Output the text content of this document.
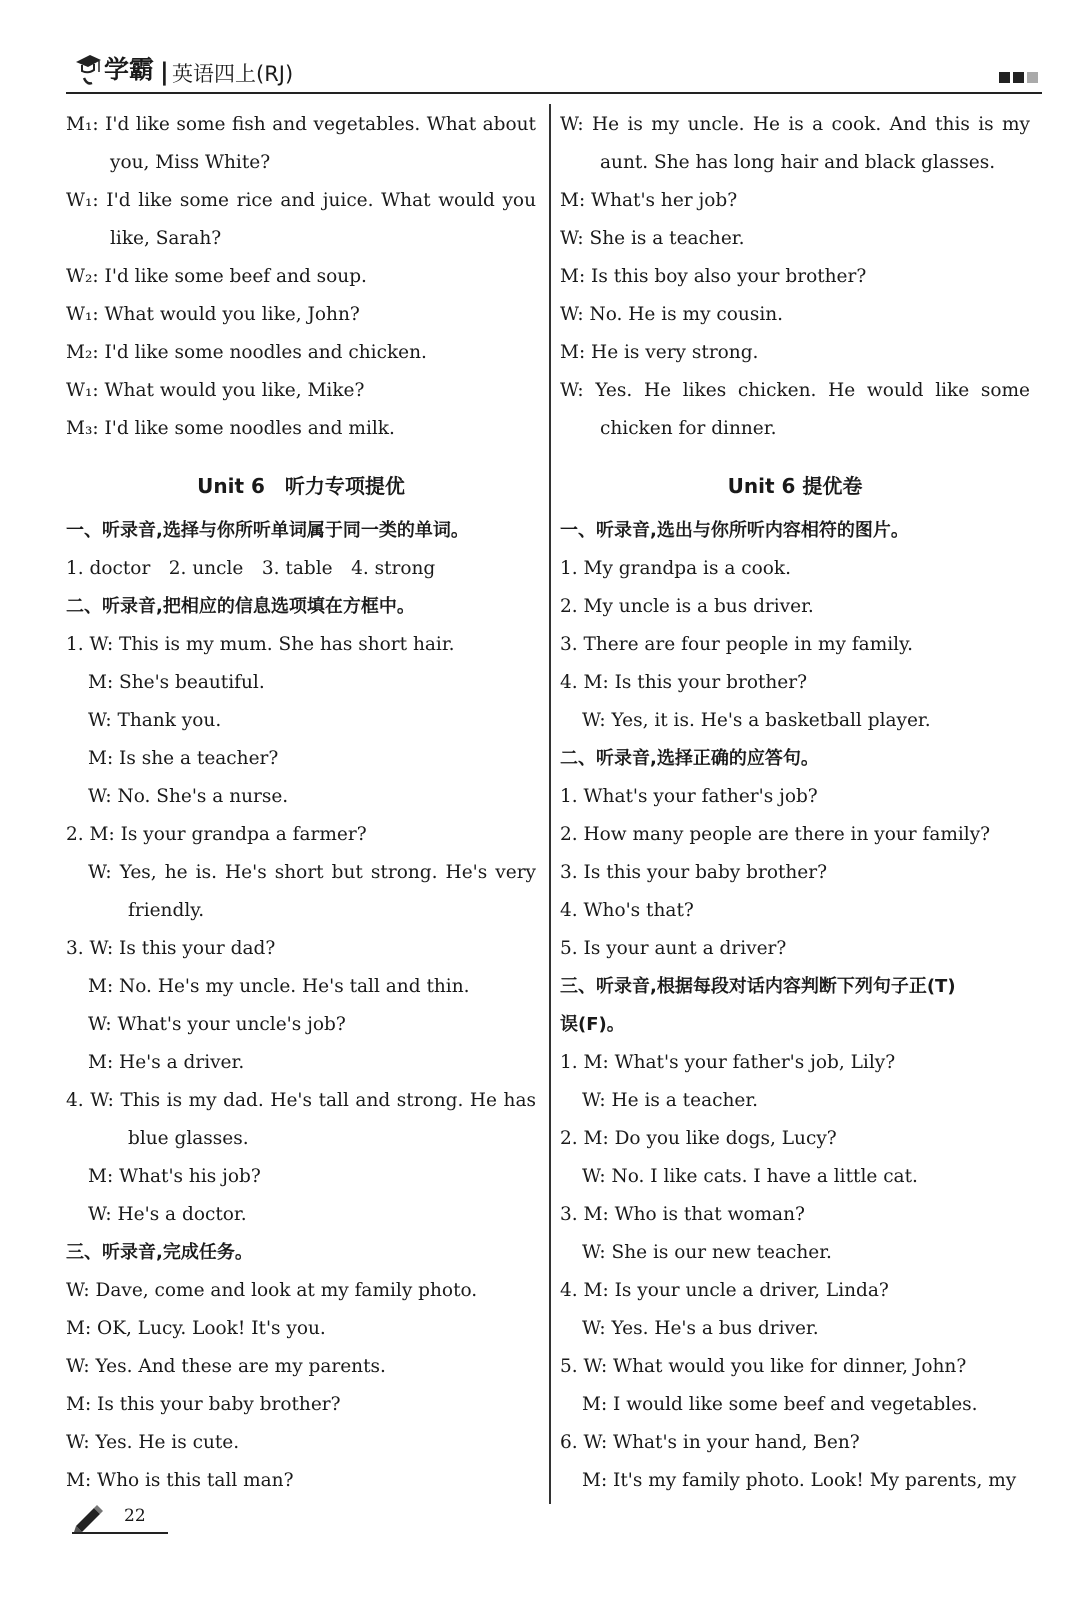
学霸 | 英语四上(RJ)
M₁: I'd like some fish and vegetables. What about
you, Miss White?
W₁: I'd like some rice and juice. What would you
like, Sarah?
W₂: I'd like some beef and soup.
W₁: What would you like, John?
M₂: I'd like some noodles and chicken.
W₁: What would you like, Mike?
M₃: I'd like some noodles and milk.
Unit 6　听力专项提优
一、听录音,选择与你所听单词属于同一类的单词。
1. doctor　2. uncle　3. table　4. strong
二、听录音,把相应的信息选项填在方框中。
1. W: This is my mum. She has short hair.
M: She's beautiful.
W: Thank you.
M: Is she a teacher?
W: No. She's a nurse.
2. M: Is your grandpa a farmer?
W: Yes, he is. He's short but strong. He's very
friendly.
3. W: Is this your dad?
M: No. He's my uncle. He's tall and thin.
W: What's your uncle's job?
M: He's a driver.
4. W: This is my dad. He's tall and strong. He has
blue glasses.
M: What's his job?
W: He's a doctor.
三、听录音,完成任务。
W: Dave, come and look at my family photo.
M: OK, Lucy. Look! It's you.
W: Yes. And these are my parents.
M: Is this your baby brother?
W: Yes. He is cute.
M: Who is this tall man?
W: He is my uncle. He is a cook. And this is my
aunt. She has long hair and black glasses.
M: What's her job?
W: She is a teacher.
M: Is this boy also your brother?
W: No. He is my cousin.
M: He is very strong.
W: Yes. He likes chicken. He would like some
chicken for dinner.
Unit 6 提优卷
一、听录音,选出与你所听内容相符的图片。
1. My grandpa is a cook.
2. My uncle is a bus driver.
3. There are four people in my family.
4. M: Is this your brother?
W: Yes, it is. He's a basketball player.
二、听录音,选择正确的应答句。
1. What's your father's job?
2. How many people are there in your family?
3. Is this your baby brother?
4. Who's that?
5. Is your aunt a driver?
三、听录音,根据每段对话内容判断下列句子正(T)
误(F)。
1. M: What's your father's job, Lily?
W: He is a teacher.
2. M: Do you like dogs, Lucy?
W: No. I like cats. I have a little cat.
3. M: Who is that woman?
W: She is our new teacher.
4. M: Is your uncle a driver, Linda?
W: Yes. He's a bus driver.
5. W: What would you like for dinner, John?
M: I would like some beef and vegetables.
6. W: What's in your hand, Ben?
M: It's my family photo. Look! My parents, my
22
